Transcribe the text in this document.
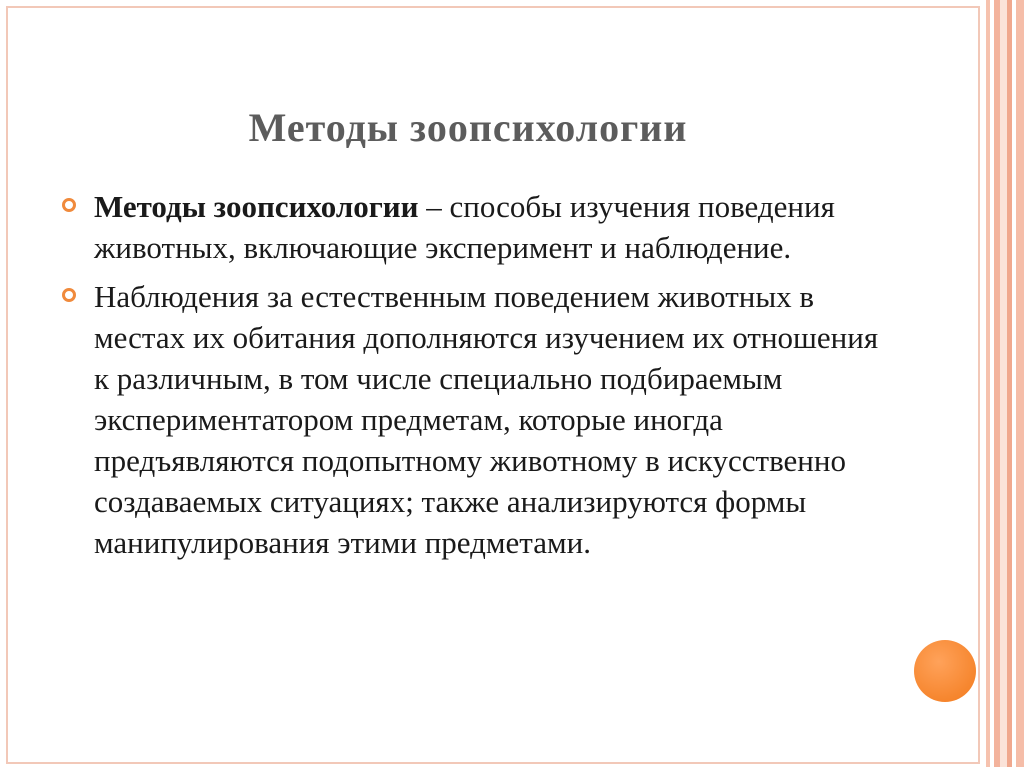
Методы зоопсихологии
Методы зоопсихологии – способы изучения поведения животных, включающие эксперимент и наблюдение.
Наблюдения за естественным поведением животных в местах их обитания дополняются изучением их отношения к различным, в том числе специально подбираемым экспериментатором предметам, которые иногда предъявляются подопытному животному в искусственно создаваемых ситуациях; также анализируются формы манипулирования этими предметами.
